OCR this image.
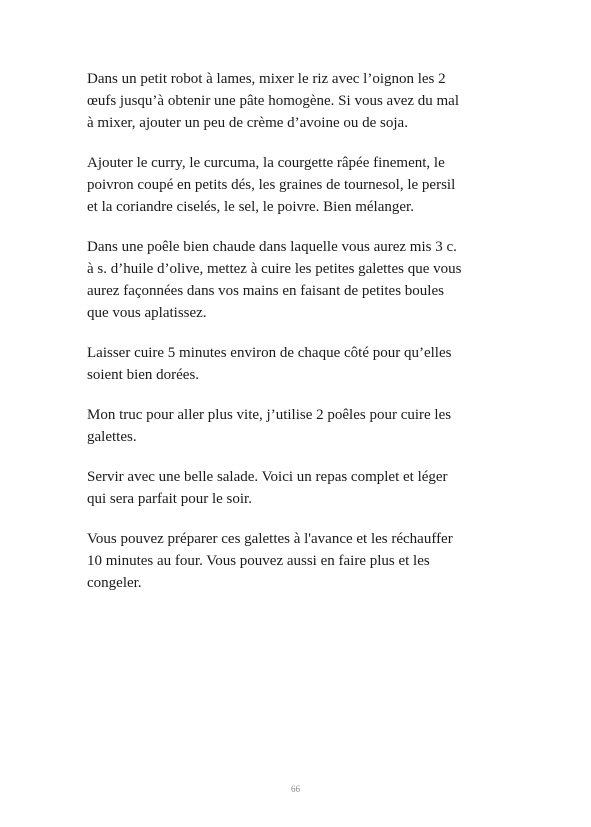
Dans un petit robot à lames, mixer le riz avec l’oignon les 2
œufs jusqu’à obtenir une pâte homogène. Si vous avez du mal
à mixer, ajouter un peu de crème d’avoine ou de soja.

Ajouter le curry, le curcuma, la courgette râpée finement, le
poivron coupé en petits dés, les graines de tournesol, le persil
et la coriandre ciselés, le sel, le poivre. Bien mélanger.

Dans une poêle bien chaude dans laquelle vous aurez mis 3 c.
à s. d’huile d’olive, mettez à cuire les petites galettes que vous
aurez façonnées dans vos mains en faisant de petites boules
que vous aplatissez.

Laisser cuire 5 minutes environ de chaque côté pour qu’elles
soient bien dorées.

Mon truc pour aller plus vite, j’utilise 2 poêles pour cuire les
galettes.

Servir avec une belle salade. Voici un repas complet et léger
qui sera parfait pour le soir.

Vous pouvez préparer ces galettes à l'avance et les réchauffer
10 minutes au four. Vous pouvez aussi en faire plus et les
congeler.

66
